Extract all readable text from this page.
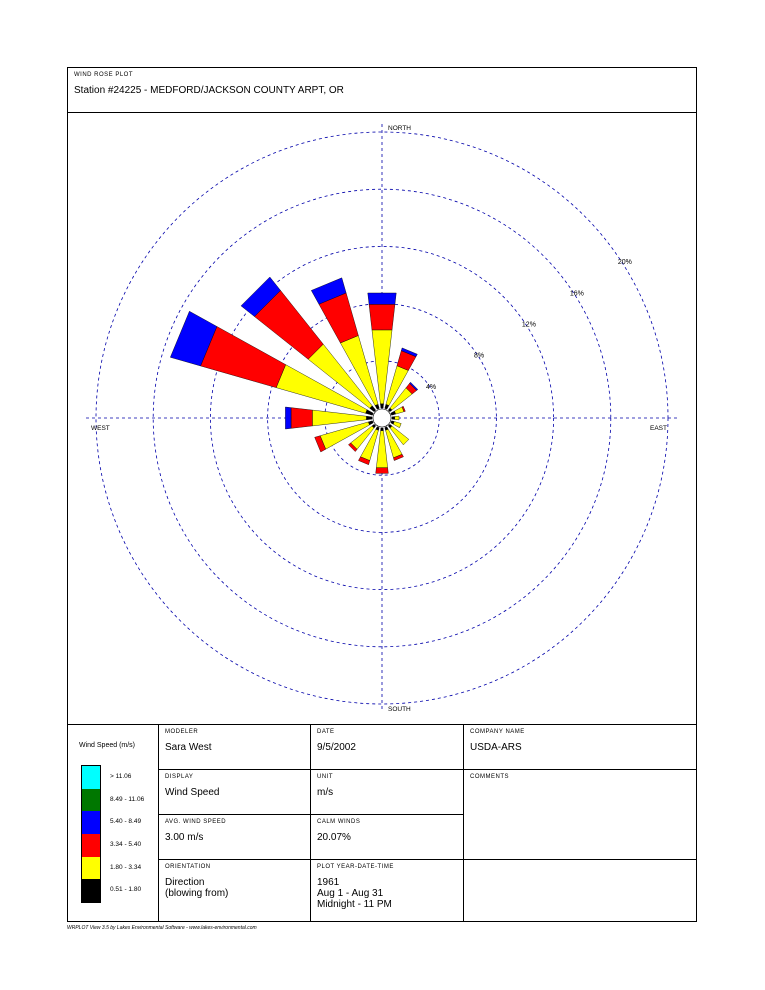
WIND ROSE PLOT
Station #24225 - MEDFORD/JACKSON COUNTY ARPT, OR
4%
8%
12%
16%
20%
NORTH
SOUTH
EAST
WEST
Wind Speed (m/s)
> 11.06
8.49 - 11.06
5.40 - 8.49
3.34 - 5.40
1.80 - 3.34
0.51 - 1.80
MODELER
Sara West
DATE
9/5/2002
COMPANY NAME
USDA-ARS
DISPLAY
Wind Speed
UNIT
m/s
COMMENTS
AVG. WIND SPEED
3.00 m/s
CALM WINDS
20.07%
ORIENTATION
Direction
(blowing from)
PLOT YEAR-DATE-TIME
1961
Aug 1 - Aug 31
Midnight - 11 PM
WRPLOT View 3.5 by Lakes Environmental Software - www.lakes-environmental.com
